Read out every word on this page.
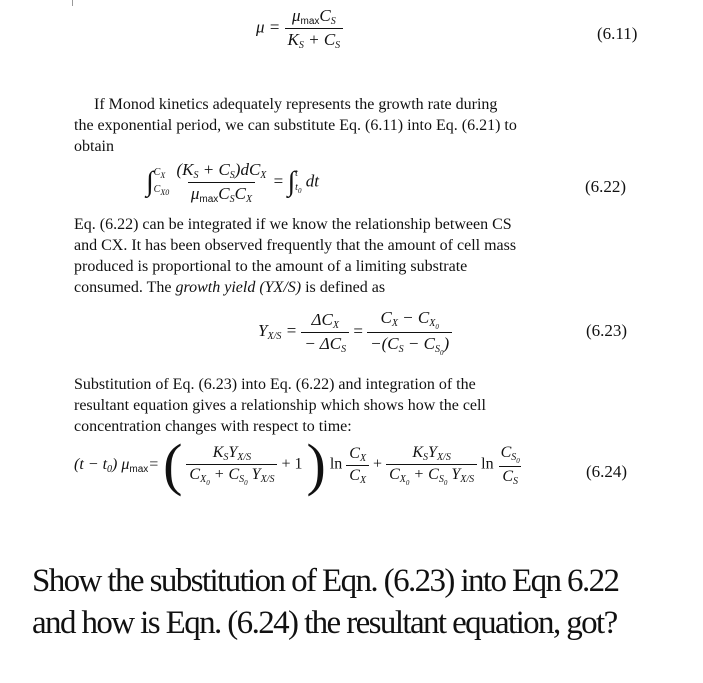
$\mu = \frac{\mu_{max}C_S}{K_S + C_S}$	(6.11)
If Monod kinetics adequately represents the growth rate during
the exponential period, we can substitute Eq. (6.11) into Eq. (6.21) to
obtain
$\int C_X$
$C_{X0} \frac{(K_S + C_S)dC_X}{\mu_{max}C_SC_X} = \int t$
$t_0$ dt	(6.22)
Eq. (6.22) can be integrated if we know the relationship between CS
and CX. It has been observed frequently that the amount of cell mass
produced is proportional to the amount of a limiting substrate
consumed. The growth yield (YX/S) is defined as
$Y_{X/S} = \frac{\Delta C_X}{- \Delta C_S} = \frac{C_X - C_{X_0}}{-(C_S - C_{S_0})}$	(6.23)
Substitution of Eq. (6.23) into Eq. (6.22) and integration of the
resultant equation gives a relationship which shows how the cell
concentration changes with respect to time:
$(t - t_0)$ $\mu_{max}=$ ( $\frac{K_SY_{X/S}}{C_{X_0} + C_{S_0} Y_{X/S}} + 1$ ) $\ln \frac{C_X}{C_X} + \frac{K_SY_{X/S}}{C_{X_0} + C_{S_0} Y_{X/S}}$ $\ln \frac{C_{S_0}}{C_S}$	(6.24)
Show the substitution of Eqn. (6.23) into Eqn 6.22
and how is Eqn. (6.24) the resultant equation, got?
